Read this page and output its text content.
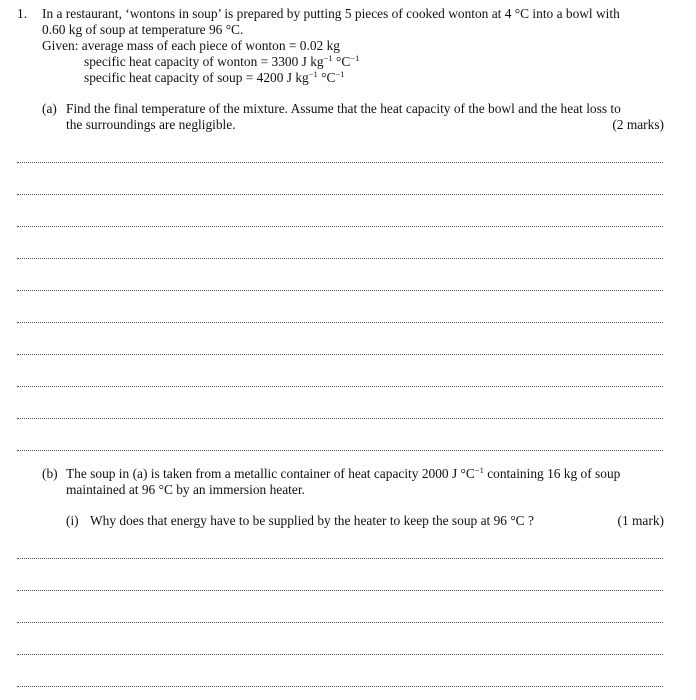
1. In a restaurant, ‘wontons in soup’ is prepared by putting 5 pieces of cooked wonton at 4 °C into a bowl with
0.60 kg of soup at temperature 96 °C.
Given: average mass of each piece of wonton = 0.02 kg
specific heat capacity of wonton = 3300 J $kg^{-1}$ $^\circ C^{-1}$
specific heat capacity of soup = 4200 J $kg^{-1}$ $^\circ C^{-1}$
(a) Find the final temperature of the mixture. Assume that the heat capacity of the bowl and the heat loss to
the surroundings are negligible.	(2 marks)
(b) The soup in (a) is taken from a metallic container of heat capacity 2000 J $^\circ C^{-1}$ containing 16 kg of soup
maintained at 96 °C by an immersion heater.
(i) Why does that energy have to be supplied by the heater to keep the soup at 96 °C ?	(1 mark)
